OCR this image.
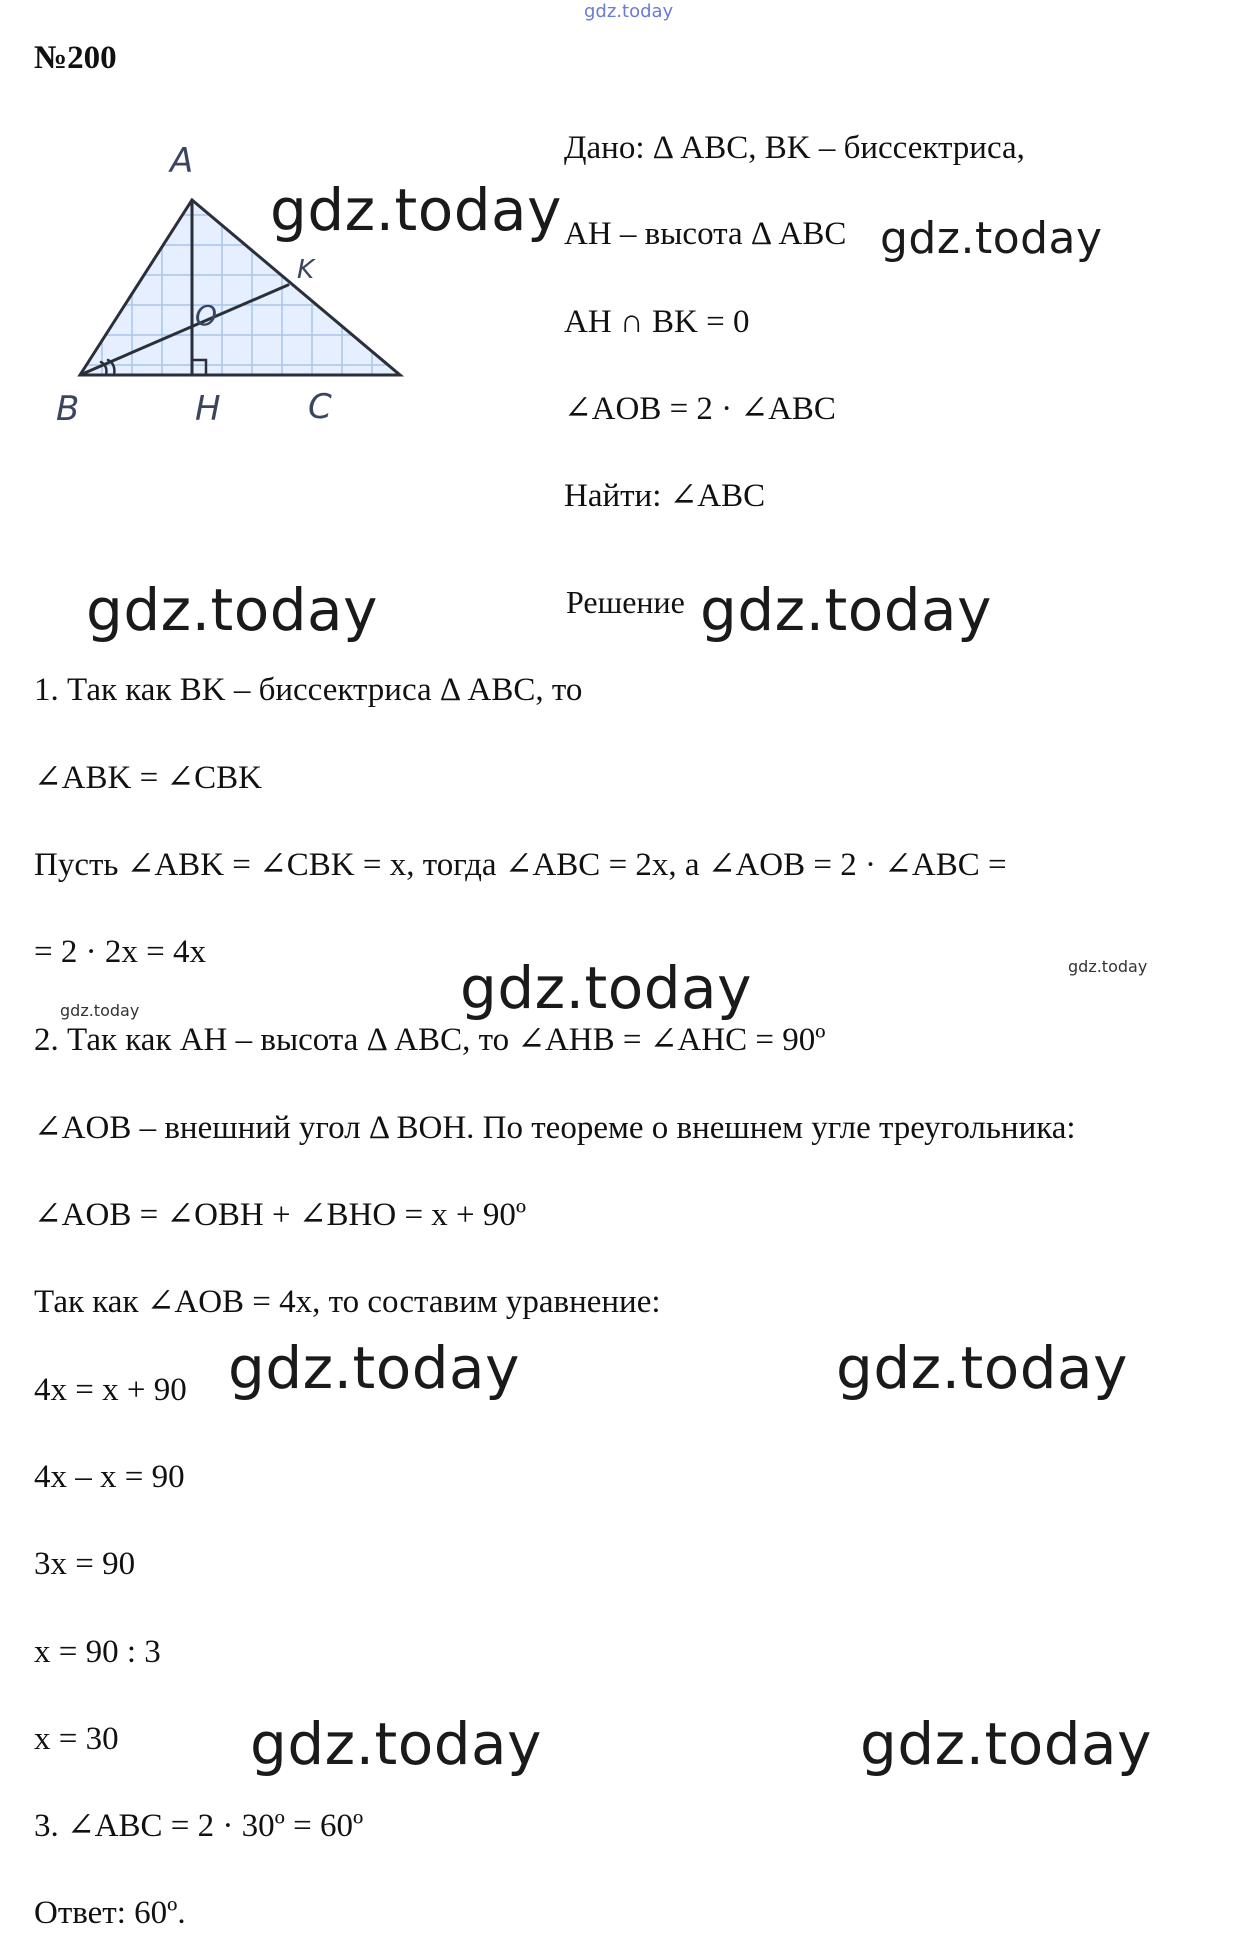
gdz.today
№200
A
B	C
H
K
O
Дано: Δ ABC, BK – биссектриса,
AH – высота Δ ABC
AH ∩ BK = 0
∠AOB = 2 · ∠ABC
Найти: ∠ABC
Решение
1. Так как BK – биссектриса Δ ABC, то
∠ABK = ∠CBK
Пусть ∠ABK = ∠CBK = x, тогда ∠ABC = 2x, а ∠AOB = 2 · ∠ABC =
= 2 · 2x = 4x
2. Так как AH – высота Δ ABC, то ∠AHB = ∠AHC = 90º
∠AOB – внешний угол Δ BOH. По теореме о внешнем угле треугольника:
∠AOB = ∠OBH + ∠BHO = x + 90º
Так как ∠AOB = 4x, то составим уравнение:
4x = x + 90
4x – x = 90
3x = 90
x = 90 : 3
x = 30
3. ∠ABC = 2 · 30º = 60º
Ответ: 60º.
gdz.today	gdz.today
gdz.today	gdz.today
gdz.today
gdz.today	gdz.today
gdz.today	gdz.today
gdz.today
gdz.today
